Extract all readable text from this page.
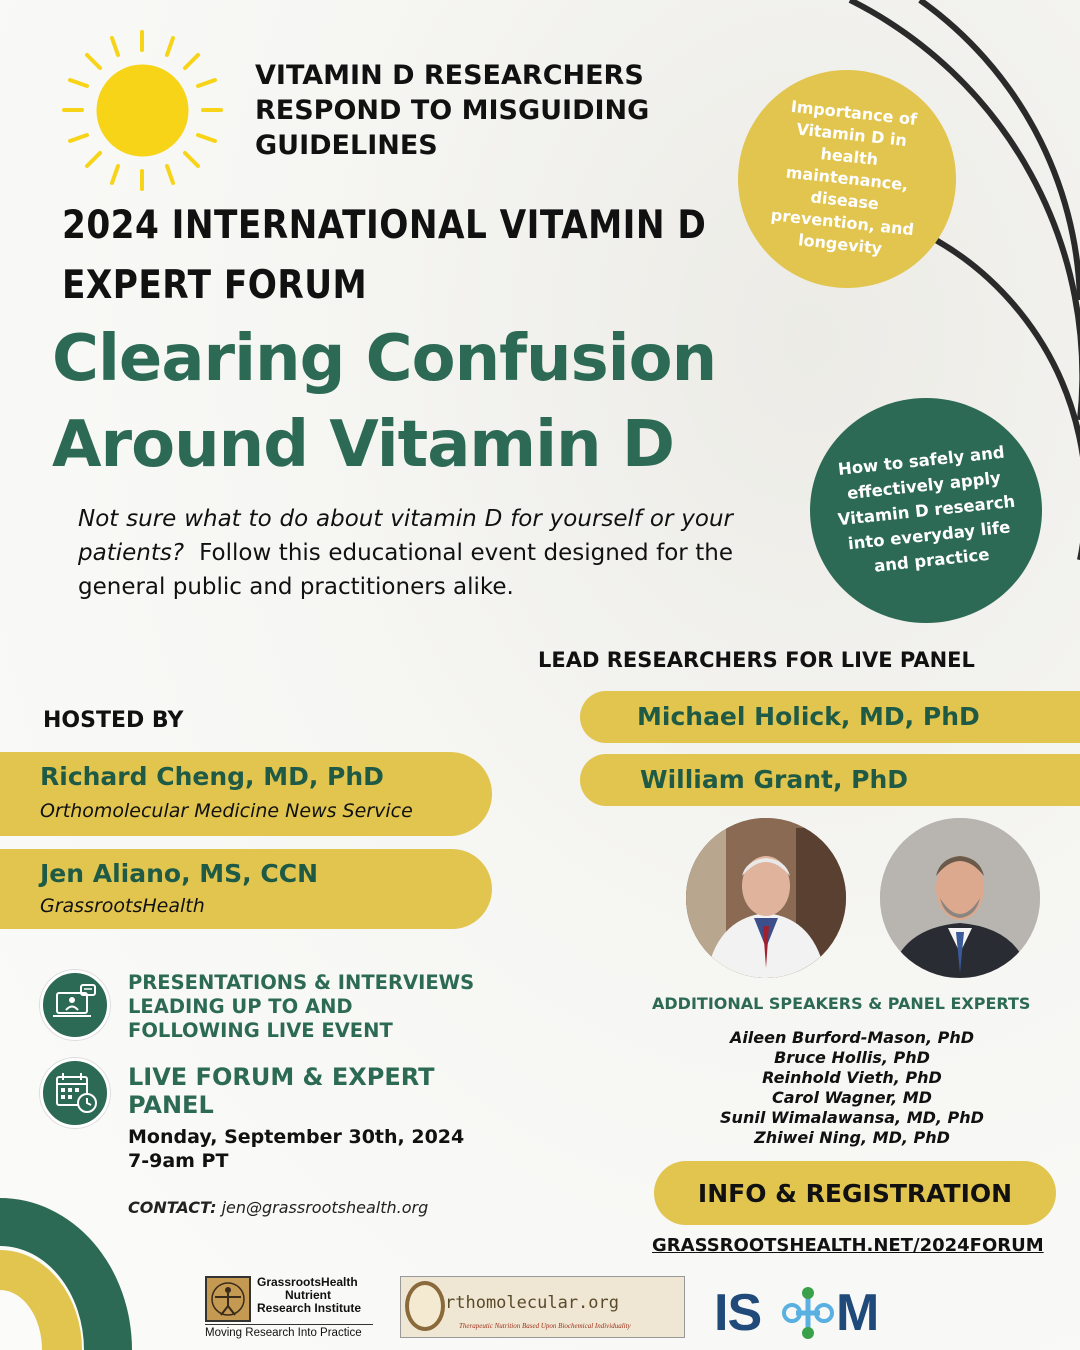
VITAMIN D RESEARCHERS
RESPOND TO MISGUIDING
GUIDELINES
2024 INTERNATIONAL VITAMIN D
EXPERT FORUM
Clearing Confusion
Around Vitamin D
Not sure what to do about vitamin D for yourself or your patients? Follow this educational event designed for the general public and practitioners alike.
Importance of Vitamin D in health maintenance, disease prevention, and longevity
How to safely and effectively apply Vitamin D research into everyday life and practice
LEAD RESEARCHERS FOR LIVE PANEL
Michael Holick, MD, PhD
William Grant, PhD
HOSTED BY
Richard Cheng, MD, PhD
Orthomolecular Medicine News Service
Jen Aliano, MS, CCN
GrassrootsHealth
ADDITIONAL SPEAKERS & PANEL EXPERTS
Aileen Burford-Mason, PhD
Bruce Hollis, PhD
Reinhold Vieth, PhD
Carol Wagner, MD
Sunil Wimalawansa, MD, PhD
Zhiwei Ning, MD, PhD
INFO & REGISTRATION
GRASSROOTSHEALTH.NET/2024FORUM
PRESENTATIONS & INTERVIEWS LEADING UP TO AND FOLLOWING LIVE EVENT
LIVE FORUM & EXPERT PANEL
Monday, September 30th, 2024
7-9am PT
CONTACT: jen@grassrootshealth.org
GrassrootsHealth
Nutrient
Research Institute
Moving Research Into Practice
rthomolecular.org
Therapeutic Nutrition Based Upon Biochemical Individuality	IS M
